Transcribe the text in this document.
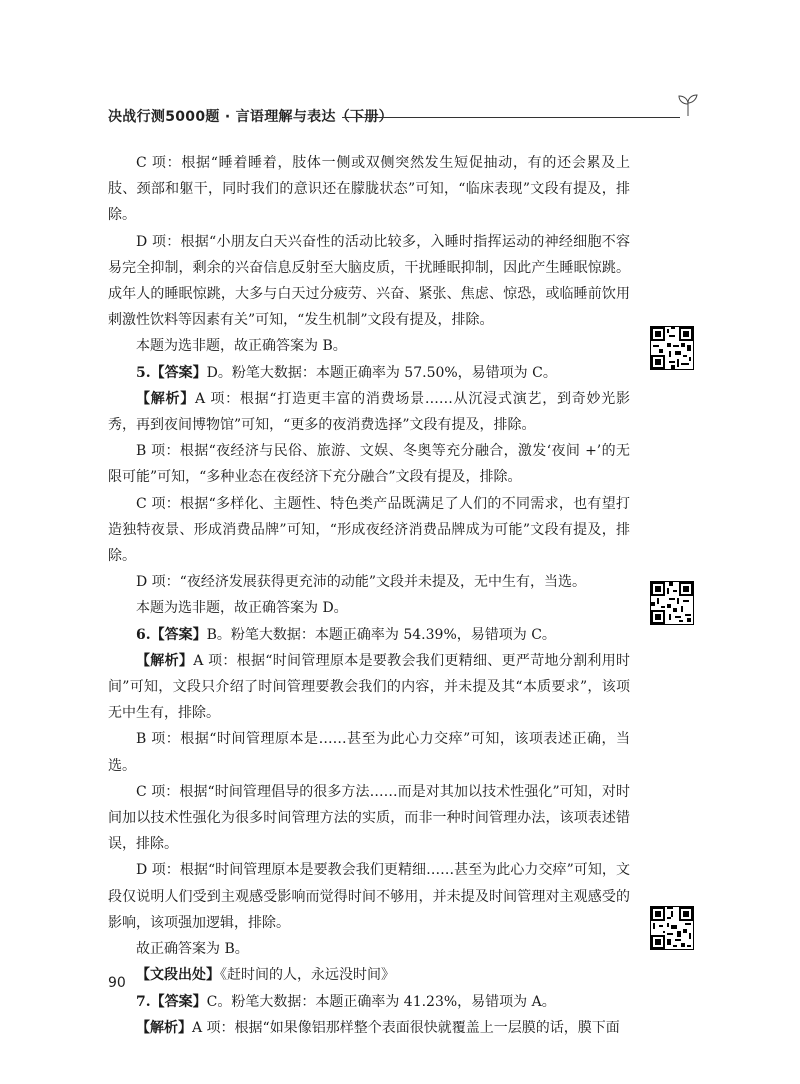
决战行测5000题 · 言语理解与表达（下册）

C 项：根据“睡着睡着，肢体一侧或双侧突然发生短促抽动，有的还会累及上肢、颈部和躯干，同时我们的意识还在朦胧状态”可知，“临床表现”文段有提及，排除。

D 项：根据“小朋友白天兴奋性的活动比较多，入睡时指挥运动的神经细胞不容易完全抑制，剩余的兴奋信息反射至大脑皮质，干扰睡眠抑制，因此产生睡眠惊跳。成年人的睡眠惊跳，大多与白天过分疲劳、兴奋、紧张、焦虑、惊恐，或临睡前饮用刺激性饮料等因素有关”可知，“发生机制”文段有提及，排除。

本题为选非题，故正确答案为 B。

5.【答案】D。粉笔大数据：本题正确率为 57.50%，易错项为 C。

【解析】A 项：根据“打造更丰富的消费场景……从沉浸式演艺，到奇妙光影秀，再到夜间博物馆”可知，“更多的夜消费选择”文段有提及，排除。

B 项：根据“夜经济与民俗、旅游、文娱、冬奥等充分融合，激发‘夜间 +’的无限可能”可知，“多种业态在夜经济下充分融合”文段有提及，排除。

C 项：根据“多样化、主题性、特色类产品既满足了人们的不同需求，也有望打造独特夜景、形成消费品牌”可知，“形成夜经济消费品牌成为可能”文段有提及，排除。

D 项：“夜经济发展获得更充沛的动能”文段并未提及，无中生有，当选。

本题为选非题，故正确答案为 D。

6.【答案】B。粉笔大数据：本题正确率为 54.39%，易错项为 C。

【解析】A 项：根据“时间管理原本是要教会我们更精细、更严苛地分割利用时间”可知，文段只介绍了时间管理要教会我们的内容，并未提及其“本质要求”，该项无中生有，排除。

B 项：根据“时间管理原本是……甚至为此心力交瘁”可知，该项表述正确，当选。

C 项：根据“时间管理倡导的很多方法……而是对其加以技术性强化”可知，对时间加以技术性强化为很多时间管理方法的实质，而非一种时间管理办法，该项表述错误，排除。

D 项：根据“时间管理原本是要教会我们更精细……甚至为此心力交瘁”可知，文段仅说明人们受到主观感受影响而觉得时间不够用，并未提及时间管理对主观感受的影响，该项强加逻辑，排除。

故正确答案为 B。

【文段出处】《赶时间的人，永远没时间》

7.【答案】C。粉笔大数据：本题正确率为 41.23%，易错项为 A。

【解析】A 项：根据“如果像铝那样整个表面很快就覆盖上一层膜的话，膜下面

90
